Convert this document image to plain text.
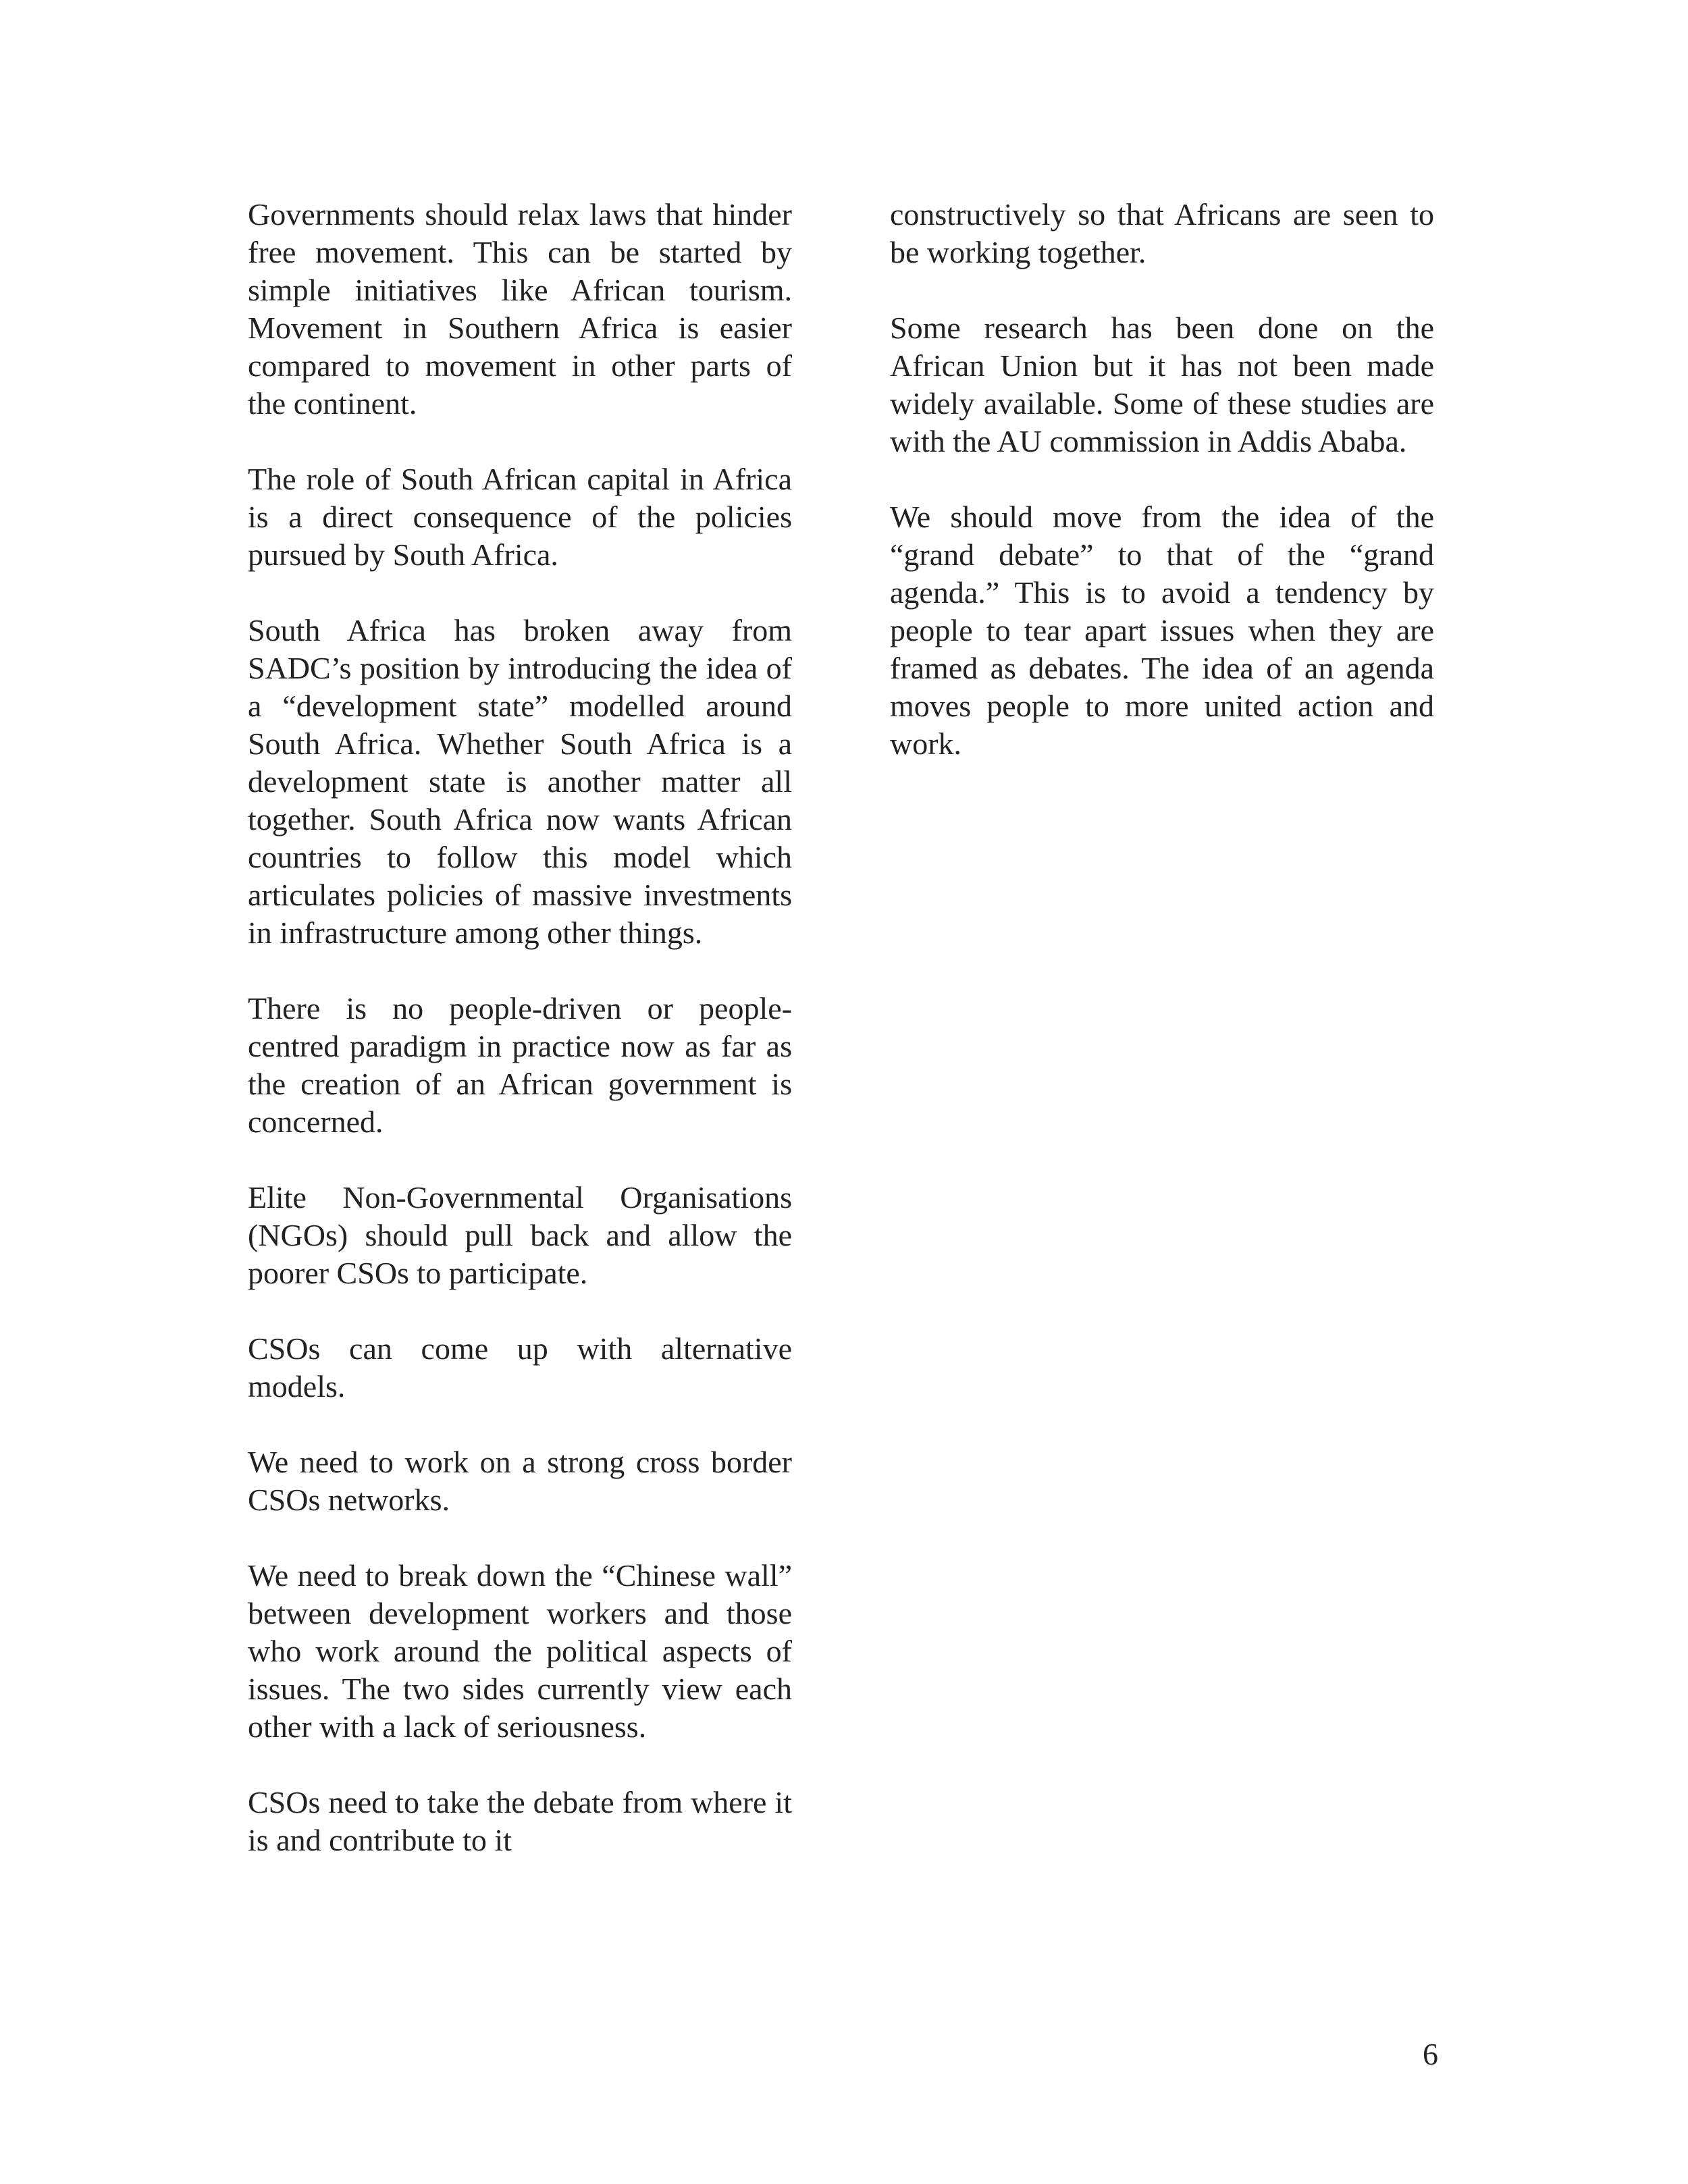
Governments should relax laws that hinder free movement. This can be started by simple initiatives like African tourism. Movement in Southern Africa is easier compared to movement in other parts of the continent.

The role of South African capital in Africa is a direct consequence of the policies pursued by South Africa.

South Africa has broken away from SADC’s position by introducing the idea of a “development state” modelled around South Africa. Whether South Africa is a development state is another matter all together. South Africa now wants African countries to follow this model which articulates policies of massive investments in infrastructure among other things.

There is no people-driven or people-centred paradigm in practice now as far as the creation of an African government is concerned.

Elite Non-Governmental Organisations (NGOs) should pull back and allow the poorer CSOs to participate.

CSOs can come up with alternative models.

We need to work on a strong cross border CSOs networks.

We need to break down the “Chinese wall” between development workers and those who work around the political aspects of issues. The two sides currently view each other with a lack of seriousness.

CSOs need to take the debate from where it is and contribute to it

constructively so that Africans are seen to be working together.

Some research has been done on the African Union but it has not been made widely available. Some of these studies are with the AU commission in Addis Ababa.

We should move from the idea of the “grand debate” to that of the “grand agenda.” This is to avoid a tendency by people to tear apart issues when they are framed as debates. The idea of an agenda moves people to more united action and work.

6
